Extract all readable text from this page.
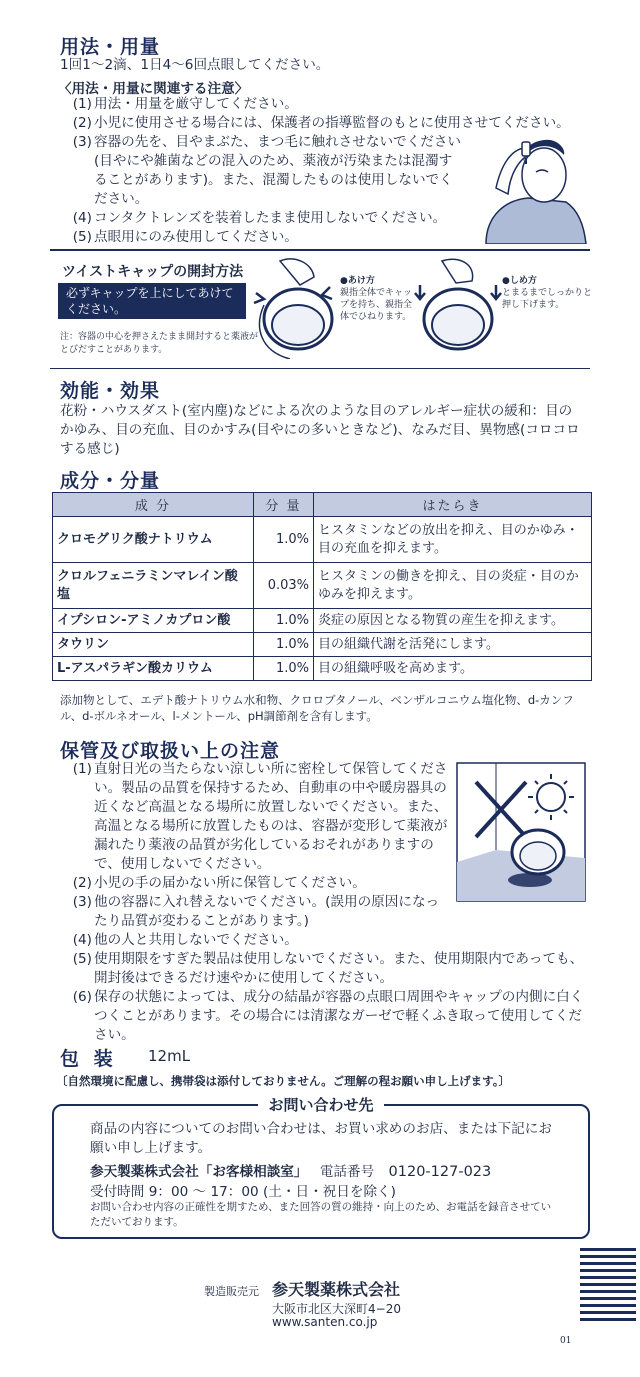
用法・用量
1回1～2滴、1日4～6回点眼してください。
〈用法・用量に関連する注意〉
(1) 用法・用量を厳守してください。
(2) 小児に使用させる場合には、保護者の指導監督のもとに使用させてください。
(3) 容器の先を、目やまぶた、まつ毛に触れさせないでください(目やにや雑菌などの混入のため、薬液が汚染または混濁することがあります)。また、混濁したものは使用しないでください。
(4) コンタクトレンズを装着したまま使用しないでください。
(5) 点眼用にのみ使用してください。
ツイストキャップの開封方法
必ずキャップを上にしてあけてください。
注：容器の中心を押さえたまま開封すると薬液がとびだすことがあります。
●あけ方
親指全体でキャップを持ち、親指全体でひねります。
●しめ方
とまるまでしっかりと押し下げます。
効能・効果
花粉・ハウスダスト(室内塵)などによる次のような目のアレルギー症状の緩和：目のかゆみ、目の充血、目のかすみ(目やにの多いときなど)、なみだ目、異物感(コロコロする感じ)
成分・分量
成 分	分 量	はたらき
クロモグリク酸ナトリウム	1.0%	ヒスタミンなどの放出を抑え、目のかゆみ・目の充血を抑えます。
クロルフェニラミンマレイン酸塩	0.03%	ヒスタミンの働きを抑え、目の炎症・目のかゆみを抑えます。
イプシロン-アミノカプロン酸	1.0%	炎症の原因となる物質の産生を抑えます。
タウリン	1.0%	目の組織代謝を活発にします。
L-アスパラギン酸カリウム	1.0%	目の組織呼吸を高めます。
添加物として、エデト酸ナトリウム水和物、クロロブタノール、ベンザルコニウム塩化物、d-カンフル、d-ボルネオール、l-メントール、pH調節剤を含有します。
保管及び取扱い上の注意
(1) 直射日光の当たらない涼しい所に密栓して保管してください。製品の品質を保持するため、自動車の中や暖房器具の近くなど高温となる場所に放置しないでください。また、高温となる場所に放置したものは、容器が変形して薬液が漏れたり薬液の品質が劣化しているおそれがありますので、使用しないでください。
(2) 小児の手の届かない所に保管してください。
(3) 他の容器に入れ替えないでください。(誤用の原因になったり品質が変わることがあります。)
(4) 他の人と共用しないでください。
(5) 使用期限をすぎた製品は使用しないでください。また、使用期限内であっても、開封後はできるだけ速やかに使用してください。
(6) 保存の状態によっては、成分の結晶が容器の点眼口周囲やキャップの内側に白くつくことがあります。その場合には清潔なガーゼで軽くふき取って使用してください。
包 装 12mL
〔自然環境に配慮し、携帯袋は添付しておりません。ご理解の程お願い申し上げます。〕
お問い合わせ先
商品の内容についてのお問い合わせは、お買い求めのお店、または下記にお願い申し上げます。
参天製薬株式会社「お客様相談室」 電話番号 0120-127-023
受付時間 9：00 ～ 17：00 (土・日・祝日を除く)
お問い合わせ内容の正確性を期すため、また回答の質の維持・向上のため、お電話を録音させていただいております。
製造販売元 参天製薬株式会社
大阪市北区大深町4−20
www.santen.co.jp
01
